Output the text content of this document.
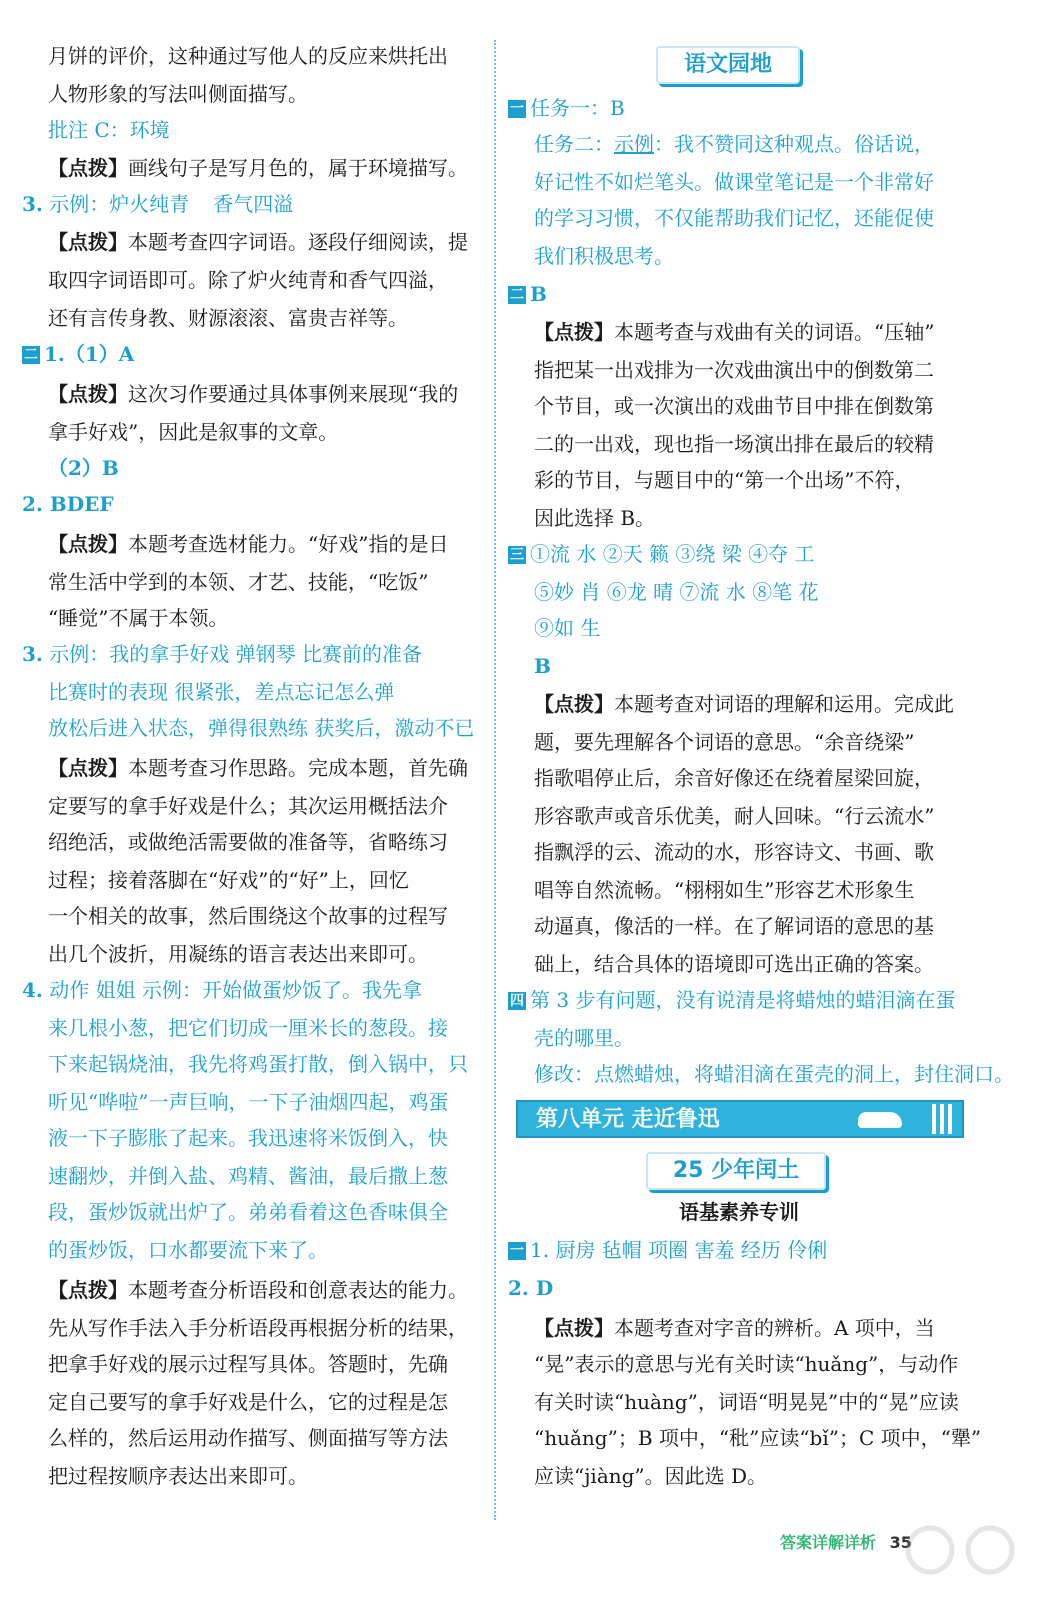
月饼的评价，这种通过写他人的反应来烘托出
人物形象的写法叫侧面描写。
批注 C：环境
【点拨】画线句子是写月色的，属于环境描写。
3. 示例：炉火纯青 香气四溢
【点拨】本题考查四字词语。逐段仔细阅读，提
取四字词语即可。除了炉火纯青和香气四溢，
还有言传身教、财源滚滚、富贵吉祥等。
二 1.（1）A
【点拨】这次习作要通过具体事例来展现“我的
拿手好戏”，因此是叙事的文章。
（2）B
2. BDEF
【点拨】本题考查选材能力。“好戏”指的是日
常生活中学到的本领、才艺、技能，“吃饭”
“睡觉”不属于本领。
3. 示例：我的拿手好戏 弹钢琴 比赛前的准备
比赛时的表现 很紧张，差点忘记怎么弹
放松后进入状态，弹得很熟练 获奖后，激动不已
【点拨】本题考查习作思路。完成本题，首先确
定要写的拿手好戏是什么；其次运用概括法介
绍绝活，或做绝活需要做的准备等，省略练习
过程；接着落脚在“好戏”的“好”上，回忆
一个相关的故事，然后围绕这个故事的过程写
出几个波折，用凝练的语言表达出来即可。
4. 动作 姐姐 示例：开始做蛋炒饭了。我先拿
来几根小葱，把它们切成一厘米长的葱段。接
下来起锅烧油，我先将鸡蛋打散，倒入锅中，只
听见“哗啦”一声巨响，一下子油烟四起，鸡蛋
液一下子膨胀了起来。我迅速将米饭倒入，快
速翻炒，并倒入盐、鸡精、酱油，最后撒上葱
段，蛋炒饭就出炉了。弟弟看着这色香味俱全
的蛋炒饭，口水都要流下来了。
【点拨】本题考查分析语段和创意表达的能力。
先从写作手法入手分析语段再根据分析的结果，
把拿手好戏的展示过程写具体。答题时，先确
定自己要写的拿手好戏是什么，它的过程是怎
么样的，然后运用动作描写、侧面描写等方法
把过程按顺序表达出来即可。
语文园地
一 任务一：B
任务二：示例：我不赞同这种观点。俗话说，
好记性不如烂笔头。做课堂笔记是一个非常好
的学习习惯，不仅能帮助我们记忆，还能促使
我们积极思考。
二 B
【点拨】本题考查与戏曲有关的词语。“压轴”
指把某一出戏排为一次戏曲演出中的倒数第二
个节目，或一次演出的戏曲节目中排在倒数第
二的一出戏，现也指一场演出排在最后的较精
彩的节目，与题目中的“第一个出场”不符，
因此选择 B。
三 ①流 水 ②天 籁 ③绕 梁 ④夺 工
⑤妙 肖 ⑥龙 晴 ⑦流 水 ⑧笔 花
⑨如 生
B
【点拨】本题考查对词语的理解和运用。完成此
题，要先理解各个词语的意思。“余音绕梁”
指歌唱停止后，余音好像还在绕着屋梁回旋，
形容歌声或音乐优美，耐人回味。“行云流水”
指飘浮的云、流动的水，形容诗文、书画、歌
唱等自然流畅。“栩栩如生”形容艺术形象生
动逼真，像活的一样。在了解词语的意思的基
础上，结合具体的语境即可选出正确的答案。
四 第 3 步有问题，没有说清是将蜡烛的蜡泪滴在蛋
壳的哪里。
修改：点燃蜡烛，将蜡泪滴在蛋壳的洞上，封住洞口。
第八单元 走近鲁迅
25 少年闰土
语基素养专训
一 1. 厨房 毡帽 项圈 害羞 经历 伶俐
2. D
【点拨】本题考查对字音的辨析。A 项中，当
“晃”表示的意思与光有关时读“huǎng”，与动作
有关时读“huàng”，词语“明晃晃”中的“晃”应读
“huǎng”；B 项中，“秕”应读“bǐ”；C 项中，“犟”
应读“jiàng”。因此选 D。
答案详解详析 35
